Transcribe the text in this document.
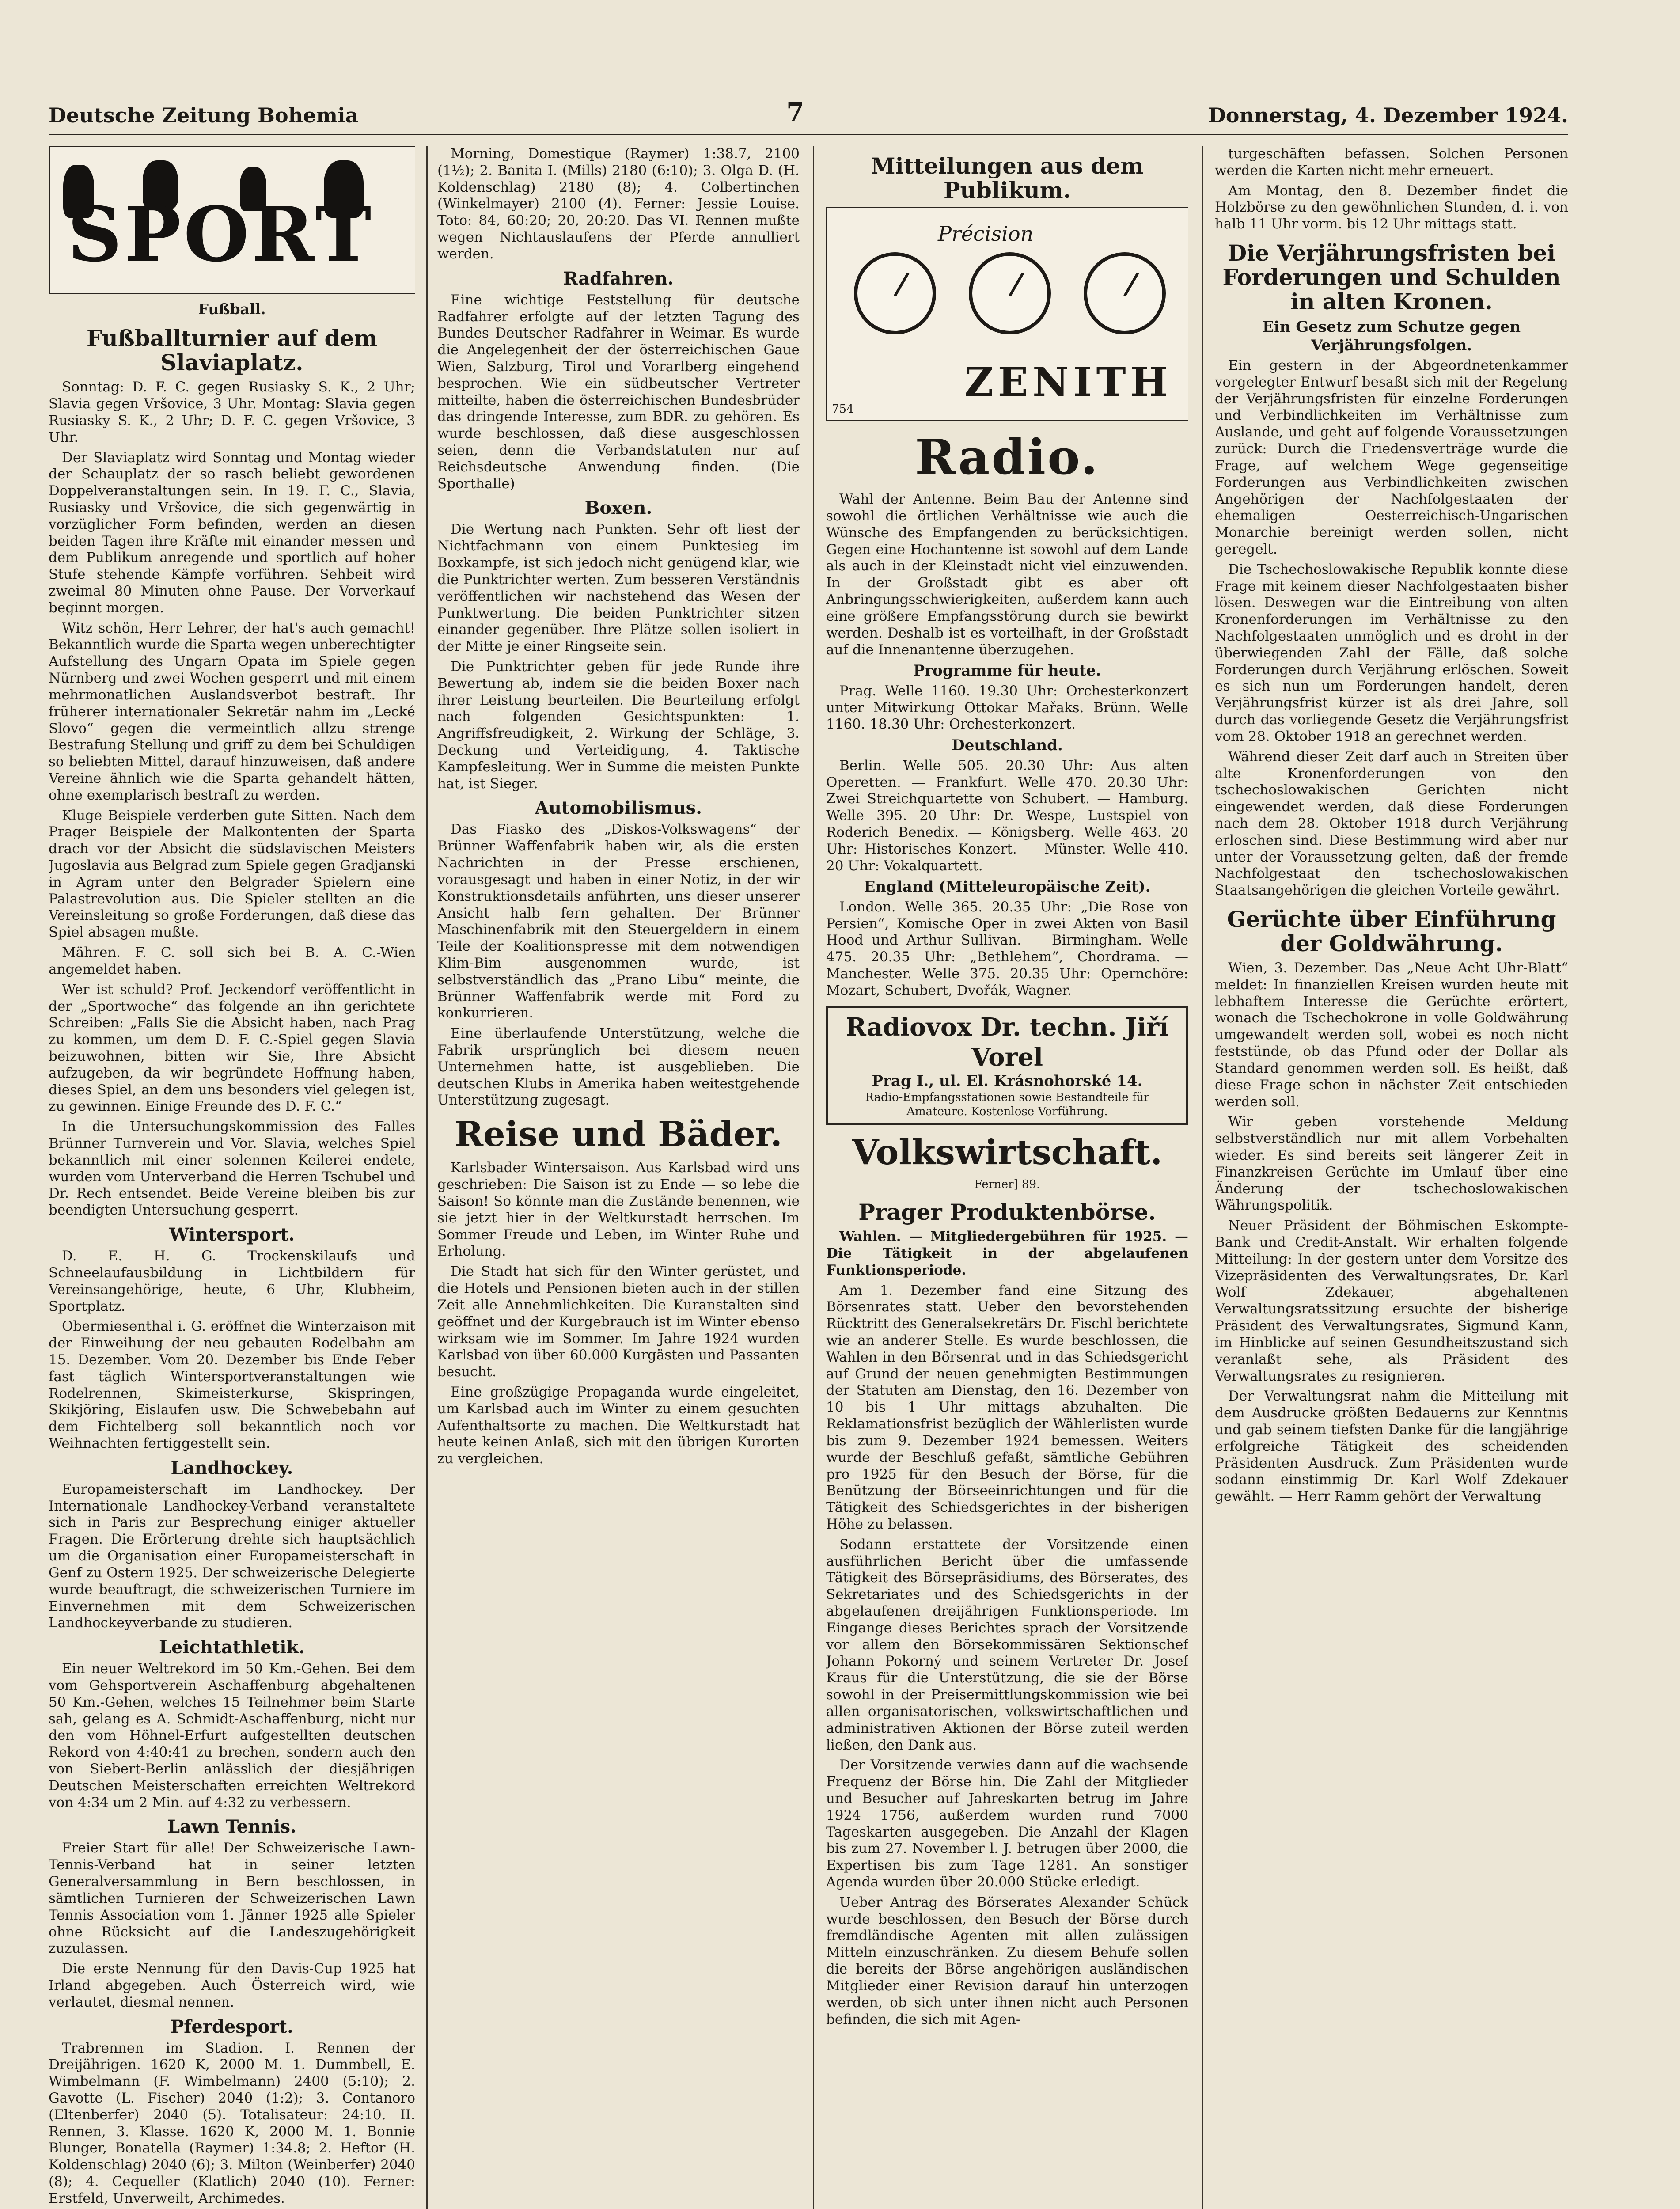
Deutsche Zeitung Bohemia	7	Donnerstag, 4. Dezember 1924.
SPORT
Fußball.
Fußballturnier auf dem Slaviaplatz.

Sonntag: D. F. C. gegen Rusiasky S. K., 2 Uhr; Slavia gegen Vršovice, 3 Uhr. Montag: Slavia gegen Rusiasky S. K., 2 Uhr; D. F. C. gegen Vršovice, 3 Uhr.

Der Slaviaplatz wird Sonntag und Montag wieder der Schauplatz der so rasch beliebt gewordenen Doppelveranstaltungen sein. In 19. F. C., Slavia, Rusiasky und Vršovice, die sich gegenwärtig in vorzüglicher Form befinden, werden an diesen beiden Tagen ihre Kräfte mit einander messen und dem Publikum anregende und sportlich auf hoher Stufe stehende Kämpfe vorführen. Sehbeit wird zweimal 80 Minuten ohne Pause. Der Vorverkauf beginnt morgen.

Witz schön, Herr Lehrer, der hat's auch gemacht! Bekanntlich wurde die Sparta wegen unberechtigter Aufstellung des Ungarn Opata im Spiele gegen Nürnberg und zwei Wochen gesperrt und mit einem mehrmonatlichen Auslandsverbot bestraft. Ihr früherer internationaler Sekretär nahm im „Lecké Slovo“ gegen die vermeintlich allzu strenge Bestrafung Stellung und griff zu dem bei Schuldigen so beliebten Mittel, darauf hinzuweisen, daß andere Vereine ähnlich wie die Sparta gehandelt hätten, ohne exemplarisch bestraft zu werden.

Kluge Beispiele verderben gute Sitten. Nach dem Prager Beispiele der Malkontenten der Sparta drach vor der Absicht die südslavischen Meisters Jugoslavia aus Belgrad zum Spiele gegen Gradjanski in Agram unter den Belgrader Spielern eine Palastrevolution aus. Die Spieler stellten an die Vereinsleitung so große Forderungen, daß diese das Spiel absagen mußte.

Mähren. F. C. soll sich bei B. A. C.-Wien angemeldet haben.

Wer ist schuld? Prof. Jeckendorf veröffentlicht in der „Sportwoche“ das folgende an ihn gerichtete Schreiben: „Falls Sie die Absicht haben, nach Prag zu kommen, um dem D. F. C.-Spiel gegen Slavia beizuwohnen, bitten wir Sie, Ihre Absicht aufzugeben, da wir begründete Hoffnung haben, dieses Spiel, an dem uns besonders viel gelegen ist, zu gewinnen. Einige Freunde des D. F. C.“

In die Untersuchungskommission des Falles Brünner Turnverein und Vor. Slavia, welches Spiel bekanntlich mit einer solennen Keilerei endete, wurden vom Unterverband die Herren Tschubel und Dr. Rech entsendet. Beide Vereine bleiben bis zur beendigten Untersuchung gesperrt.

Wintersport.

D. E. H. G. Trockenskilaufs und Schneelaufausbildung in Lichtbildern für Vereinsangehörige, heute, 6 Uhr, Klubheim, Sportplatz.

Obermiesenthal i. G. eröffnet die Winterzaison mit der Einweihung der neu gebauten Rodelbahn am 15. Dezember. Vom 20. Dezember bis Ende Feber fast täglich Wintersportveranstaltungen wie Rodelrennen, Skimeisterkurse, Skispringen, Skikjöring, Eislaufen usw. Die Schwebebahn auf dem Fichtelberg soll bekanntlich noch vor Weihnachten fertiggestellt sein.

Landhockey.

Europameisterschaft im Landhockey. Der Internationale Landhockey-Verband veranstaltete sich in Paris zur Besprechung einiger aktueller Fragen. Die Erörterung drehte sich hauptsächlich um die Organisation einer Europameisterschaft in Genf zu Ostern 1925. Der schweizerische Delegierte wurde beauftragt, die schweizerischen Turniere im Einvernehmen mit dem Schweizerischen Landhockeyverbande zu studieren.

Leichtathletik.

Ein neuer Weltrekord im 50 Km.-Gehen. Bei dem vom Gehsportverein Aschaffenburg abgehaltenen 50 Km.-Gehen, welches 15 Teilnehmer beim Starte sah, gelang es A. Schmidt-Aschaffenburg, nicht nur den vom Höhnel-Erfurt aufgestellten deutschen Rekord von 4:40:41 zu brechen, sondern auch den von Siebert-Berlin anlässlich der diesjährigen Deutschen Meisterschaften erreichten Weltrekord von 4:34 um 2 Min. auf 4:32 zu verbessern.

Lawn Tennis.

Freier Start für alle! Der Schweizerische Lawn-Tennis-Verband hat in seiner letzten Generalversammlung in Bern beschlossen, in sämtlichen Turnieren der Schweizerischen Lawn Tennis Association vom 1. Jänner 1925 alle Spieler ohne Rücksicht auf die Landeszugehörigkeit zuzulassen.

Die erste Nennung für den Davis-Cup 1925 hat Irland abgegeben. Auch Österreich wird, wie verlautet, diesmal nennen.

Pferdesport.

Trabrennen im Stadion. I. Rennen der Dreijährigen. 1620 K, 2000 M. 1. Dummbell, E. Wimbelmann (F. Wimbelmann) 2400 (5:10); 2. Gavotte (L. Fischer) 2040 (1:2); 3. Contanoro (Eltenberfer) 2040 (5). Totalisateur: 24:10. II. Rennen, 3. Klasse. 1620 K, 2000 M. 1. Bonnie Blunger, Bonatella (Raymer) 1:34.8; 2. Heftor (H. Koldenschlag) 2040 (6); 3. Milton (Weinberfer) 2040 (8); 4. Cequeller (Klatlich) 2040 (10). Ferner: Erstfeld, Unverweilt, Archimedes.

Morning, Domestique (Raymer) 1:38.7, 2100 (1½); 2. Banita I. (Mills) 2180 (6:10); 3. Olga D. (H. Koldenschlag) 2180 (8); 4. Colbertinchen (Winkelmayer) 2100 (4). Ferner: Jessie Louise. Toto: 84, 60:20; 20, 20:20. Das VI. Rennen mußte wegen Nichtauslaufens der Pferde annulliert werden.

Radfahren.

Eine wichtige Feststellung für deutsche Radfahrer erfolgte auf der letzten Tagung des Bundes Deutscher Radfahrer in Weimar. Es wurde die Angelegenheit der der österreichischen Gaue Wien, Salzburg, Tirol und Vorarlberg eingehend besprochen. Wie ein südbeutscher Vertreter mitteilte, haben die österreichischen Bundesbrüder das dringende Interesse, zum BDR. zu gehören. Es wurde beschlossen, daß diese ausgeschlossen seien, denn die Verbandstatuten nur auf Reichsdeutsche Anwendung finden. (Die Sporthalle)

Boxen.

Die Wertung nach Punkten. Sehr oft liest der Nichtfachmann von einem Punktesieg im Boxkampfe, ist sich jedoch nicht genügend klar, wie die Punktrichter werten. Zum besseren Verständnis veröffentlichen wir nachstehend das Wesen der Punktwertung. Die beiden Punktrichter sitzen einander gegenüber. Ihre Plätze sollen isoliert in der Mitte je einer Ringseite sein.

Die Punktrichter geben für jede Runde ihre Bewertung ab, indem sie die beiden Boxer nach ihrer Leistung beurteilen. Die Beurteilung erfolgt nach folgenden Gesichtspunkten: 1. Angriffsfreudigkeit, 2. Wirkung der Schläge, 3. Deckung und Verteidigung, 4. Taktische Kampfesleitung. Wer in Summe die meisten Punkte hat, ist Sieger.

Automobilismus.

Das Fiasko des „Diskos-Volkswagens“ der Brünner Waffenfabrik haben wir, als die ersten Nachrichten in der Presse erschienen, vorausgesagt und haben in einer Notiz, in der wir Konstruktionsdetails anführten, uns dieser unserer Ansicht halb fern gehalten. Der Brünner Maschinenfabrik mit den Steuergeldern in einem Teile der Koalitionspresse mit dem notwendigen Klim-Bim ausgenommen wurde, ist selbstverständlich das „Prano Libu“ meinte, die Brünner Waffenfabrik werde mit Ford zu konkurrieren.

Eine überlaufende Unterstützung, welche die Fabrik ursprünglich bei diesem neuen Unternehmen hatte, ist ausgeblieben. Die deutschen Klubs in Amerika haben weitestgehende Unterstützung zugesagt.

Reise und Bäder.

Karlsbader Wintersaison. Aus Karlsbad wird uns geschrieben: Die Saison ist zu Ende — so lebe die Saison! So könnte man die Zustände benennen, wie sie jetzt hier in der Weltkurstadt herrschen. Im Sommer Freude und Leben, im Winter Ruhe und Erholung.

Die Stadt hat sich für den Winter gerüstet, und die Hotels und Pensionen bieten auch in der stillen Zeit alle Annehmlichkeiten. Die Kuranstalten sind geöffnet und der Kurgebrauch ist im Winter ebenso wirksam wie im Sommer. Im Jahre 1924 wurden Karlsbad von über 60.000 Kurgästen und Passanten besucht.

Eine großzügige Propaganda wurde eingeleitet, um Karlsbad auch im Winter zu einem gesuchten Aufenthaltsorte zu machen. Die Weltkurstadt hat heute keinen Anlaß, sich mit den übrigen Kurorten zu vergleichen.

Mitteilungen aus dem Publikum.
Précision
ZENITH
754
Radio.

Wahl der Antenne. Beim Bau der Antenne sind sowohl die örtlichen Verhältnisse wie auch die Wünsche des Empfangenden zu berücksichtigen. Gegen eine Hochantenne ist sowohl auf dem Lande als auch in der Kleinstadt nicht viel einzuwenden. In der Großstadt gibt es aber oft Anbringungsschwierigkeiten, außerdem kann auch eine größere Empfangsstörung durch sie bewirkt werden. Deshalb ist es vorteilhaft, in der Großstadt auf die Innenantenne überzugehen.

Programme für heute.

Prag. Welle 1160. 19.30 Uhr: Orchesterkonzert unter Mitwirkung Ottokar Mařaks. Brünn. Welle 1160. 18.30 Uhr: Orchesterkonzert.

Deutschland.

Berlin. Welle 505. 20.30 Uhr: Aus alten Operetten. — Frankfurt. Welle 470. 20.30 Uhr: Zwei Streichquartette von Schubert. — Hamburg. Welle 395. 20 Uhr: Dr. Wespe, Lustspiel von Roderich Benedix. — Königsberg. Welle 463. 20 Uhr: Historisches Konzert. — Münster. Welle 410. 20 Uhr: Vokalquartett.

England (Mitteleuropäische Zeit).

London. Welle 365. 20.35 Uhr: „Die Rose von Persien“, Komische Oper in zwei Akten von Basil Hood und Arthur Sullivan. — Birmingham. Welle 475. 20.35 Uhr: „Bethlehem“, Chordrama. — Manchester. Welle 375. 20.35 Uhr: Opernchöre: Mozart, Schubert, Dvořák, Wagner.

Radiovox Dr. techn. Jiří Vorel
Prag I., ul. El. Krásnohorské 14.
Radio-Empfangsstationen sowie Bestandteile für Amateure. Kostenlose Vorführung.
Volkswirtschaft.
Ferner] 89.
Prager Produktenbörse.

Wahlen. — Mitgliedergebühren für 1925. — Die Tätigkeit in der abgelaufenen Funktionsperiode.

Am 1. Dezember fand eine Sitzung des Börsenrates statt. Ueber den bevorstehenden Rücktritt des Generalsekretärs Dr. Fischl berichtete wie an anderer Stelle. Es wurde beschlossen, die Wahlen in den Börsenrat und in das Schiedsgericht auf Grund der neuen genehmigten Bestimmungen der Statuten am Dienstag, den 16. Dezember von 10 bis 1 Uhr mittags abzuhalten. Die Reklamationsfrist bezüglich der Wählerlisten wurde bis zum 9. Dezember 1924 bemessen. Weiters wurde der Beschluß gefaßt, sämtliche Gebühren pro 1925 für den Besuch der Börse, für die Benützung der Börseeinrichtungen und für die Tätigkeit des Schiedsgerichtes in der bisherigen Höhe zu belassen.

Sodann erstattete der Vorsitzende einen ausführlichen Bericht über die umfassende Tätigkeit des Börsepräsidiums, des Börserates, des Sekretariates und des Schiedsgerichts in der abgelaufenen dreijährigen Funktionsperiode. Im Eingange dieses Berichtes sprach der Vorsitzende vor allem den Börsekommissären Sektionschef Johann Pokorný und seinem Vertreter Dr. Josef Kraus für die Unterstützung, die sie der Börse sowohl in der Preisermittlungskommission wie bei allen organisatorischen, volkswirtschaftlichen und administrativen Aktionen der Börse zuteil werden ließen, den Dank aus.

Der Vorsitzende verwies dann auf die wachsende Frequenz der Börse hin. Die Zahl der Mitglieder und Besucher auf Jahreskarten betrug im Jahre 1924 1756, außerdem wurden rund 7000 Tageskarten ausgegeben. Die Anzahl der Klagen bis zum 27. November l. J. betrugen über 2000, die Expertisen bis zum Tage 1281. An sonstiger Agenda wurden über 20.000 Stücke erledigt.

Ueber Antrag des Börserates Alexander Schück wurde beschlossen, den Besuch der Börse durch fremdländische Agenten mit allen zulässigen Mitteln einzuschränken. Zu diesem Behufe sollen die bereits der Börse angehörigen ausländischen Mitglieder einer Revision darauf hin unterzogen werden, ob sich unter ihnen nicht auch Personen befinden, die sich mit Agen-

turgeschäften befassen. Solchen Personen werden die Karten nicht mehr erneuert.

Am Montag, den 8. Dezember findet die Holzbörse zu den gewöhnlichen Stunden, d. i. von halb 11 Uhr vorm. bis 12 Uhr mittags statt.

Die Verjährungsfristen bei Forderungen und Schulden in alten Kronen.
Ein Gesetz zum Schutze gegen Verjährungsfolgen.

Ein gestern in der Abgeordnetenkammer vorgelegter Entwurf besaßt sich mit der Regelung der Verjährungsfristen für einzelne Forderungen und Verbindlichkeiten im Verhältnisse zum Auslande, und geht auf folgende Voraussetzungen zurück: Durch die Friedensverträge wurde die Frage, auf welchem Wege gegenseitige Forderungen aus Verbindlichkeiten zwischen Angehörigen der Nachfolgestaaten der ehemaligen Oesterreichisch-Ungarischen Monarchie bereinigt werden sollen, nicht geregelt.

Die Tschechoslowakische Republik konnte diese Frage mit keinem dieser Nachfolgestaaten bisher lösen. Deswegen war die Eintreibung von alten Kronenforderungen im Verhältnisse zu den Nachfolgestaaten unmöglich und es droht in der überwiegenden Zahl der Fälle, daß solche Forderungen durch Verjährung erlöschen. Soweit es sich nun um Forderungen handelt, deren Verjährungsfrist kürzer ist als drei Jahre, soll durch das vorliegende Gesetz die Verjährungsfrist vom 28. Oktober 1918 an gerechnet werden.

Während dieser Zeit darf auch in Streiten über alte Kronenforderungen von den tschechoslowakischen Gerichten nicht eingewendet werden, daß diese Forderungen nach dem 28. Oktober 1918 durch Verjährung erloschen sind. Diese Bestimmung wird aber nur unter der Voraussetzung gelten, daß der fremde Nachfolgestaat den tschechoslowakischen Staatsangehörigen die gleichen Vorteile gewährt.

Gerüchte über Einführung der Goldwährung.

Wien, 3. Dezember. Das „Neue Acht Uhr-Blatt“ meldet: In finanziellen Kreisen wurden heute mit lebhaftem Interesse die Gerüchte erörtert, wonach die Tschechokrone in volle Goldwährung umgewandelt werden soll, wobei es noch nicht feststünde, ob das Pfund oder der Dollar als Standard genommen werden soll. Es heißt, daß diese Frage schon in nächster Zeit entschieden werden soll.

Wir geben vorstehende Meldung selbstverständlich nur mit allem Vorbehalten wieder. Es sind bereits seit längerer Zeit in Finanzkreisen Gerüchte im Umlauf über eine Änderung der tschechoslowakischen Währungspolitik.

Neuer Präsident der Böhmischen Eskompte-Bank und Credit-Anstalt. Wir erhalten folgende Mitteilung: In der gestern unter dem Vorsitze des Vizepräsidenten des Verwaltungsrates, Dr. Karl Wolf Zdekauer, abgehaltenen Verwaltungsratssitzung ersuchte der bisherige Präsident des Verwaltungsrates, Sigmund Kann, im Hinblicke auf seinen Gesundheitszustand sich veranlaßt sehe, als Präsident des Verwaltungsrates zu resignieren.

Der Verwaltungsrat nahm die Mitteilung mit dem Ausdrucke größten Bedauerns zur Kenntnis und gab seinem tiefsten Danke für die langjährige erfolgreiche Tätigkeit des scheidenden Präsidenten Ausdruck. Zum Präsidenten wurde sodann einstimmig Dr. Karl Wolf Zdekauer gewählt. — Herr Ramm gehört der Verwaltung
